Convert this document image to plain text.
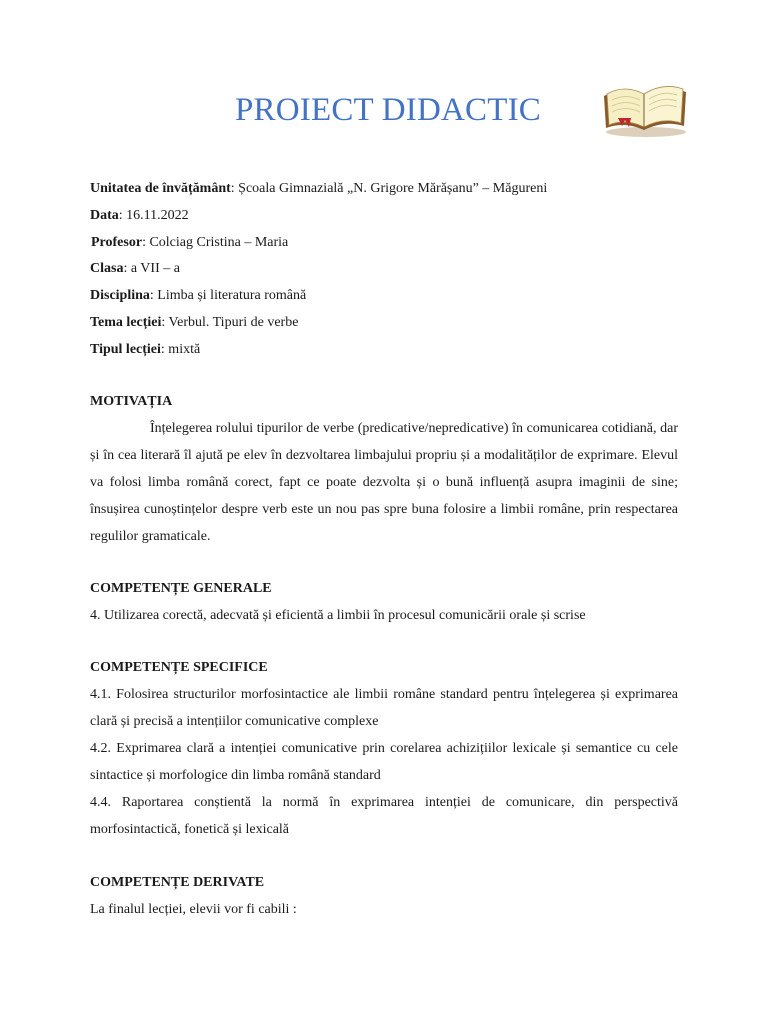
PROIECT DIDACTIC
Unitatea de învățământ: Școala Gimnazială „N. Grigore Mărășanu” – Măgureni
Data: 16.11.2022
Profesor: Colciag Cristina – Maria
Clasa: a VII – a
Disciplina: Limba și literatura română
Tema lecției: Verbul. Tipuri de verbe
Tipul lecției: mixtă

MOTIVAȚIA

Înțelegerea rolului tipurilor de verbe (predicative/nepredicative) în comunicarea cotidiană, dar și în cea literară îl ajută pe elev în dezvoltarea limbajului propriu și a modalităților de exprimare. Elevul va folosi limba română corect, fapt ce poate dezvolta și o bună influență asupra imaginii de sine; însușirea cunoștințelor despre verb este un nou pas spre buna folosire a limbii române, prin respectarea regulilor gramaticale.

COMPETENȚE GENERALE

4. Utilizarea corectă, adecvată și eficientă a limbii în procesul comunicării orale și scrise

COMPETENȚE SPECIFICE

4.1. Folosirea structurilor morfosintactice ale limbii române standard pentru înțelegerea și exprimarea clară și precisă a intențiilor comunicative complexe

4.2. Exprimarea clară a intenției comunicative prin corelarea achizițiilor lexicale și semantice cu cele sintactice și morfologice din limba română standard

4.4. Raportarea conștientă la normă în exprimarea intenției de comunicare, din perspectivă morfosintactică, fonetică și lexicală

COMPETENȚE DERIVATE

La finalul lecției, elevii vor fi cabili :
